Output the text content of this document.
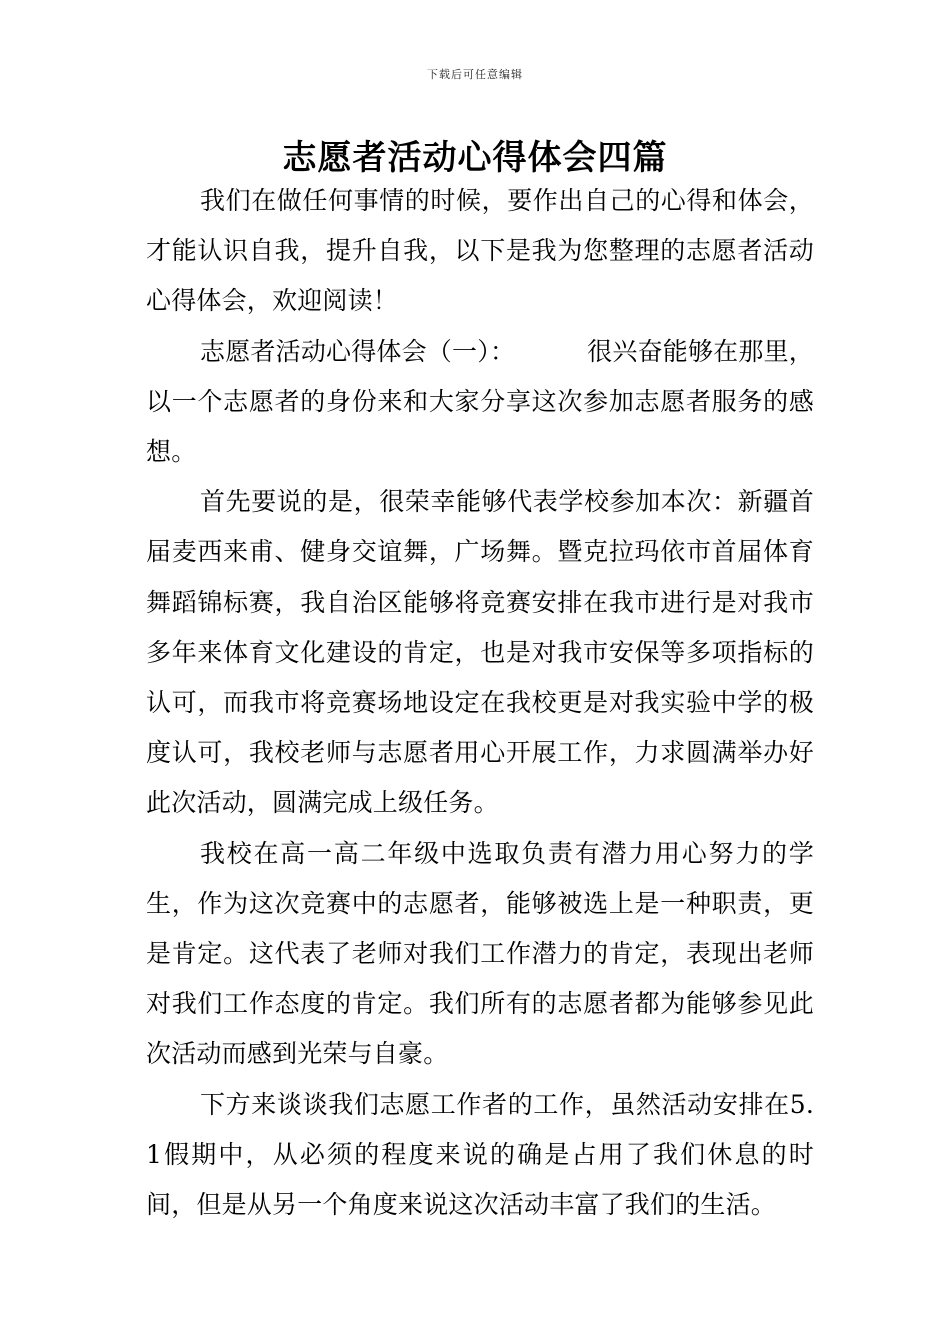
下载后可任意编辑
志愿者活动心得体会四篇

我们在做任何事情的时候，要作出自己的心得和体会，才能认识自我，提升自我，以下是我为您整理的志愿者活动心得体会，欢迎阅读！

志愿者活动心得体会（一）：	很兴奋能够在那里，以一个志愿者的身份来和大家分享这次参加志愿者服务的感想。

首先要说的是，很荣幸能够代表学校参加本次：新疆首届麦西来甫、健身交谊舞，广场舞。暨克拉玛依市首届体育舞蹈锦标赛，我自治区能够将竞赛安排在我市进行是对我市多年来体育文化建设的肯定，也是对我市安保等多项指标的认可，而我市将竞赛场地设定在我校更是对我实验中学的极度认可，我校老师与志愿者用心开展工作，力求圆满举办好此次活动，圆满完成上级任务。

我校在高一高二年级中选取负责有潜力用心努力的学生，作为这次竞赛中的志愿者，能够被选上是一种职责，更是肯定。这代表了老师对我们工作潜力的肯定，表现出老师对我们工作态度的肯定。我们所有的志愿者都为能够参见此次活动而感到光荣与自豪。

下方来谈谈我们志愿工作者的工作，虽然活动安排在5.1假期中，从必须的程度来说的确是占用了我们休息的时间，但是从另一个角度来说这次活动丰富了我们的生活。
